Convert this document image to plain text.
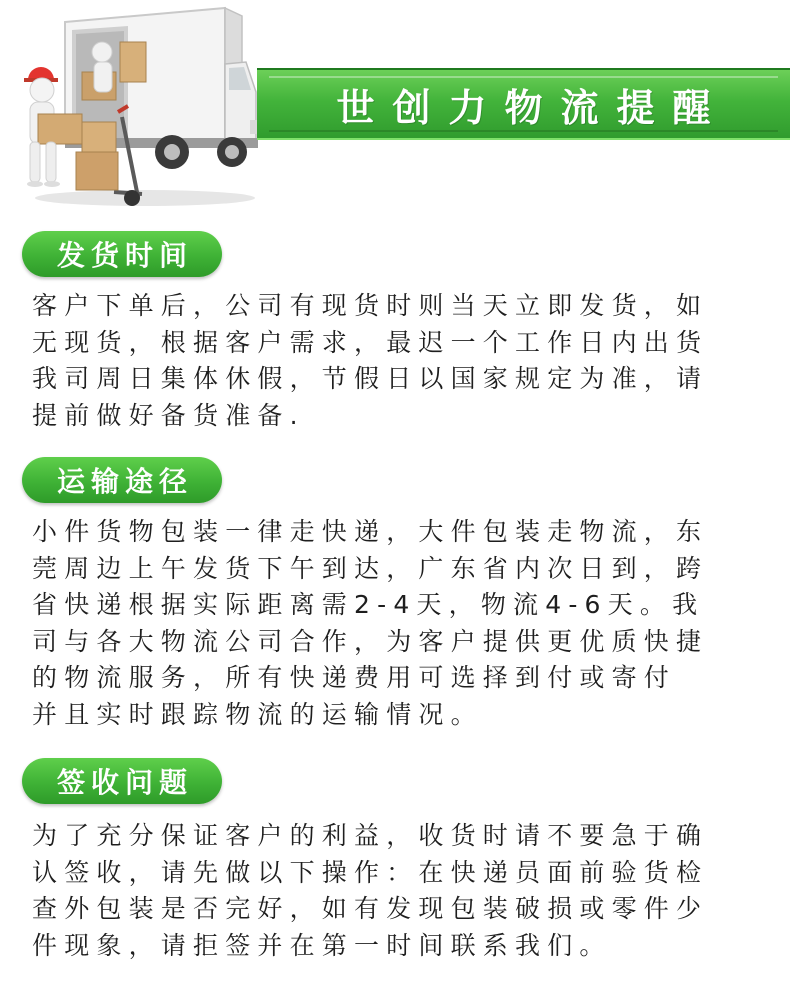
世创力物流提醒
发货时间
客户下单后，公司有现货时则当天立即发货，如
无现货，根据客户需求，最迟一个工作日内出货
我司周日集体休假，节假日以国家规定为准，请
提前做好备货准备.
运输途径
小件货物包装一律走快递，大件包装走物流，东
莞周边上午发货下午到达，广东省内次日到，跨
省快递根据实际距离需2-4天，物流4-6天。我
司与各大物流公司合作，为客户提供更优质快捷
的物流服务，所有快递费用可选择到付或寄付
并且实时跟踪物流的运输情况。
签收问题
为了充分保证客户的利益，收货时请不要急于确
认签收，请先做以下操作：在快递员面前验货检
查外包装是否完好，如有发现包装破损或零件少
件现象，请拒签并在第一时间联系我们。
